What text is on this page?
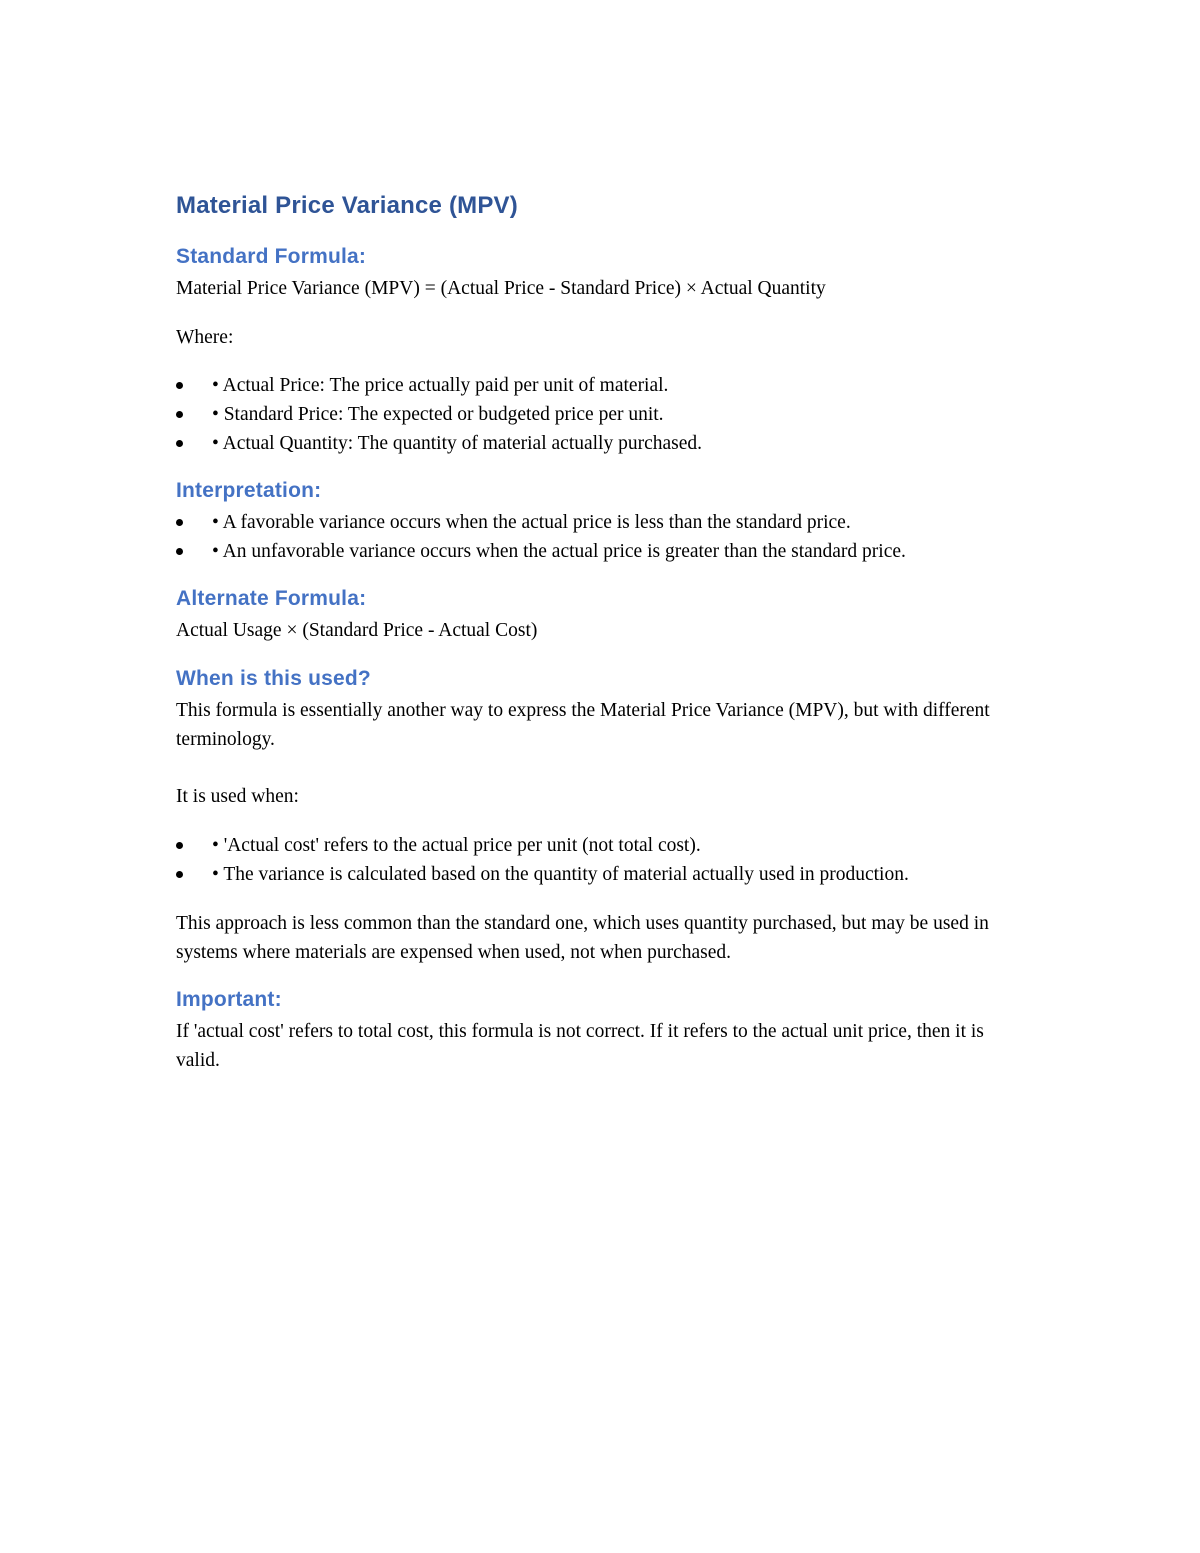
Material Price Variance (MPV)
Standard Formula:

Material Price Variance (MPV) = (Actual Price - Standard Price) × Actual Quantity

Where:

• Actual Price: The price actually paid per unit of material.
• Standard Price: The expected or budgeted price per unit.
• Actual Quantity: The quantity of material actually purchased.
Interpretation:
• A favorable variance occurs when the actual price is less than the standard price.
• An unfavorable variance occurs when the actual price is greater than the standard price.
Alternate Formula:

Actual Usage × (Standard Price - Actual Cost)

When is this used?

This formula is essentially another way to express the Material Price Variance (MPV), but with different terminology.

It is used when:

• 'Actual cost' refers to the actual price per unit (not total cost).
• The variance is calculated based on the quantity of material actually used in production.

This approach is less common than the standard one, which uses quantity purchased, but may be used in systems where materials are expensed when used, not when purchased.

Important:

If 'actual cost' refers to total cost, this formula is not correct. If it refers to the actual unit price, then it is valid.
